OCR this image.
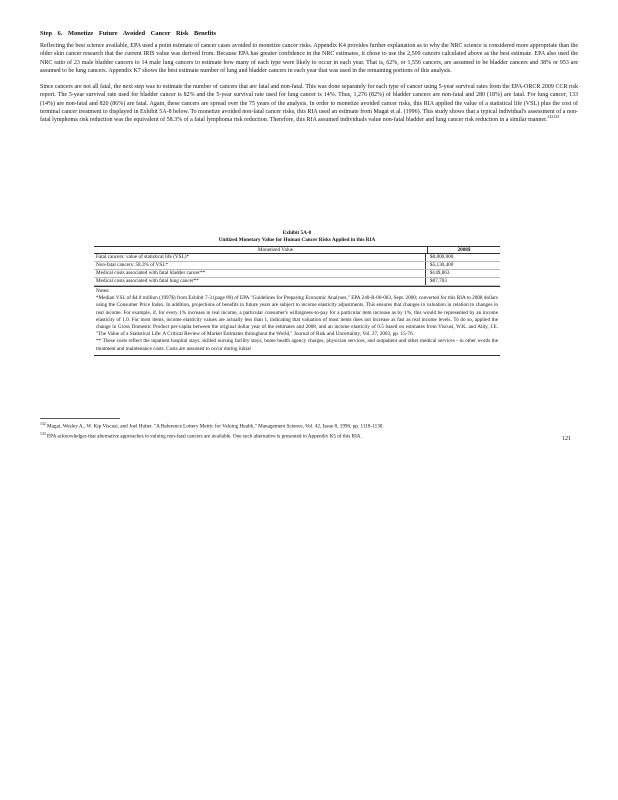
Step 6. Monetize Future Avoided Cancer Risk Benefits

Reflecting the best science available, EPA used a point estimate of cancer cases avoided to monetize cancer risks. Appendix K4 provides further explanation as to why the NRC science is considered more appropriate than the older skin cancer research that the current IRIS value was derived from. Because EPA has greater confidence in the NRC estimates, it chose to use the 2,509 cancers calculated above as the best estimate. EPA also used the NRC ratio of 23 male bladder cancers to 14 male lung cancers to estimate how many of each type were likely to occur in each year. That is, 62%, or 1,556 cancers, are assumed to be bladder cancers and 38% or 953 are assumed to be lung cancers. Appendix K7 shows the best estimate number of lung and bladder cancers in each year that was used in the remaining portions of this analysis.

Since cancers are not all fatal, the next step was to estimate the number of cancers that are fatal and non-fatal. This was done separately for each type of cancer using 5-year survival rates from the EPA-ORCR 2009 CCR risk report. The 5-year survival rate used for bladder cancer is 82% and the 5-year survival rate used for lung cancer is 14%. Thus, 1,276 (82%) of bladder cancers are non-fatal and 280 (18%) are fatal. For lung cancer, 133 (14%) are non-fatal and 820 (86%) are fatal. Again, these cancers are spread over the 75 years of the analysis. In order to monetize avoided cancer risks, this RIA applied the value of a statistical life (VSL) plus the cost of terminal cancer treatment to displayed in Exhibit 5A-8 below. To monetize avoided non-fatal cancer risks, this RIA used an estimate from Magat et al. (1996). This study shows that a typical individual's assessment of a non-fatal lymphoma risk reduction was the equivalent of 58.3% of a fatal lymphoma risk reduction. Therefore, this RIA assumed individuals value non-fatal bladder and lung cancer risk reduction in a similar manner.$^{132133}$

Exhibit 5A-8
Unitized Monetary Value for Human Cancer Risks Applied in this RIA
Monetized Value	2008$
Fatal cancers: value of statistical life (VSL)*	$8,800,000
Non-fatal cancers: 58.3% of VSL*	$5,130,400
Medical costs associated with fatal bladder cancer**	$149,863
Medical costs associated with fatal lung cancer**	$87,703
Notes:
*Median VSL of $4.8 million (1997$) from Exhibit 7-3 (page 89) of EPA "Guidelines for Preparing Economic Analyses," EPA 240-R-00-003, Sept. 2000; converted for this RIA to 2008 dollars using the Consumer Price Index. In addition, projections of benefits in future years are subject to income elasticity adjustments. This ensures that changes in valuation in relation to changes in real income. For example, if, for every 1% increase in real income, a particular consumer's willingness-to-pay for a particular item increase as by 1%, this would be represented by an income elasticity of 1.0. For most items, income elasticity values are actually less than 1, indicating that valuation of most items does not increase as fast as real income levels. To do so, applied the change in Gross Domestic Product per-capita between the original dollar year of the estimates and 2008, and an income elasticity of 0.5 based on estimates from Viscusi, W.K. and Aldy, J.E. "The Value of a Statistical Life: A Critical Review of Market Estimates throughout the World," Journal of Risk and Uncertainty, Vol. 27, 2003, pp. 15-76.
** These costs reflect the inpatient hospital stays, skilled nursing facility stays, home health agency charges, physician services, and outpatient and other medical services - in other words the treatment and maintenance costs. Costs are assumed to occur during initial
$^{132}$ Magat, Wesley A., W. Kip Viscusi, and Joel Huber. "A Reference Lottery Metric for Valuing Health," Management Science, Vol. 42, Issue 8, 1996, pp. 1118-1130.
$^{133}$ EPA acknowledges that alternative approaches to valuing non-fatal cancers are available. One such alternative is presented in Appendix K5 of this RIA.	121
